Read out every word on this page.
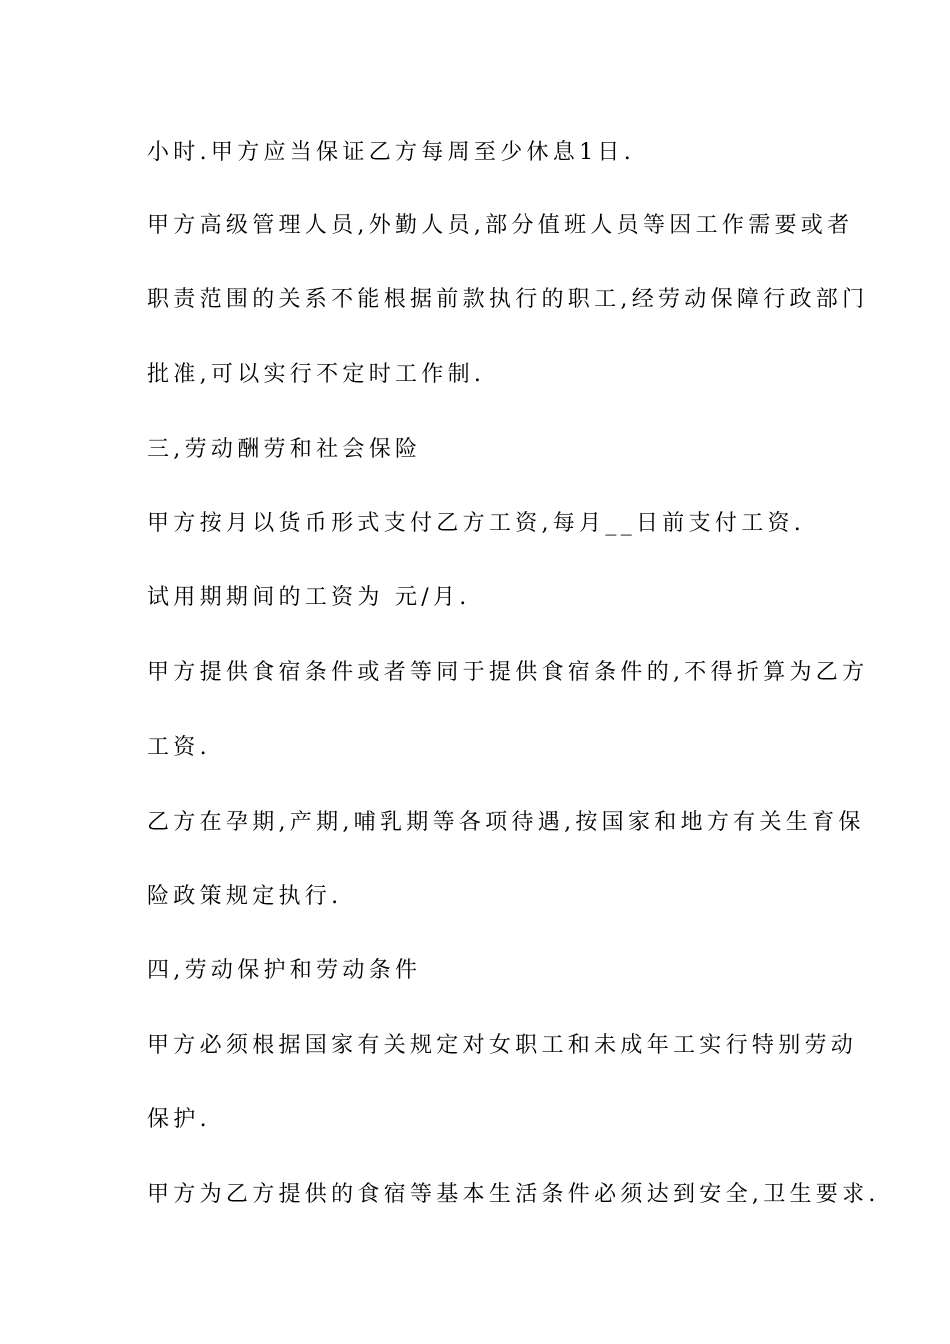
小时.甲方应当保证乙方每周至少休息1日.
甲方高级管理人员,外勤人员,部分值班人员等因工作需要或者
职责范围的关系不能根据前款执行的职工,经劳动保障行政部门
批准,可以实行不定时工作制.
三,劳动酬劳和社会保险
甲方按月以货币形式支付乙方工资,每月__日前支付工资.
试用期期间的工资为 元/月.
甲方提供食宿条件或者等同于提供食宿条件的,不得折算为乙方
工资.
乙方在孕期,产期,哺乳期等各项待遇,按国家和地方有关生育保
险政策规定执行.
四,劳动保护和劳动条件
甲方必须根据国家有关规定对女职工和未成年工实行特别劳动
保护.
甲方为乙方提供的食宿等基本生活条件必须达到安全,卫生要求.
